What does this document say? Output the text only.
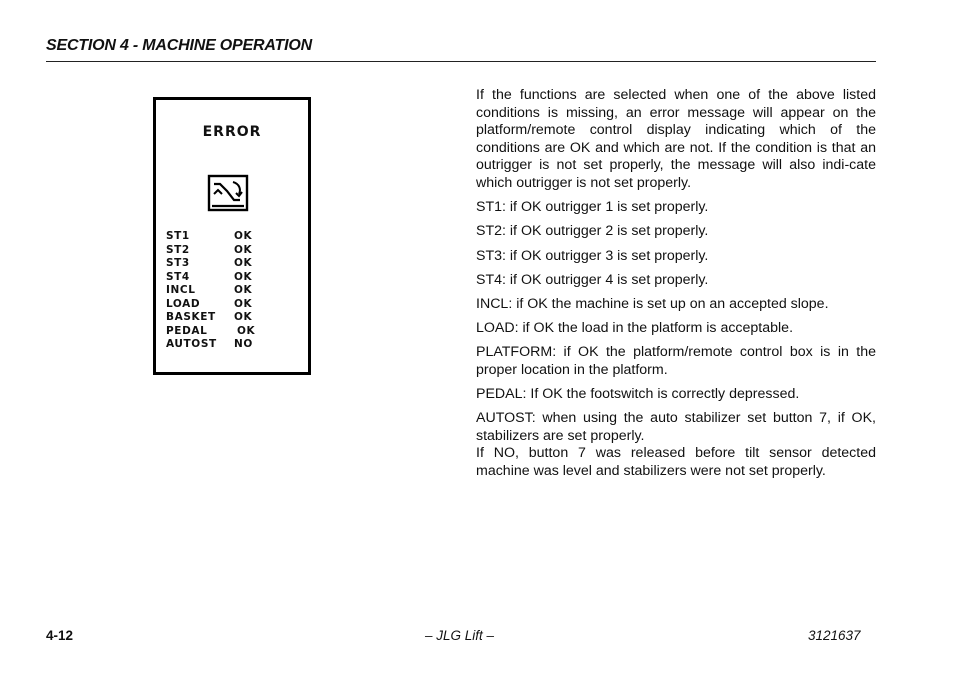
SECTION 4 - MACHINE OPERATION
ERROR
ST1	OK
ST2	OK
ST3	OK
ST4	OK
INCL	OK
LOAD	OK
BASKET OK
PEDAL	OK
AUTOST NO

If the functions are selected when one of the above listed conditions is missing, an error message will appear on the platform/remote control display indicating which of the conditions are OK and which are not. If the condition is that an outrigger is not set properly, the message will also indi-cate which outrigger is not set properly.

ST1: if OK outrigger 1 is set properly.

ST2: if OK outrigger 2 is set properly.

ST3: if OK outrigger 3 is set properly.

ST4: if OK outrigger 4 is set properly.

INCL: if OK the machine is set up on an accepted slope.

LOAD: if OK the load in the platform is acceptable.

PLATFORM: if OK the platform/remote control box is in the proper location in the platform.

PEDAL: If OK the footswitch is correctly depressed.

AUTOST: when using the auto stabilizer set button 7, if OK, stabilizers are set properly.

If NO, button 7 was released before tilt sensor detected machine was level and stabilizers were not set properly.

4-12	– JLG Lift –	3121637
